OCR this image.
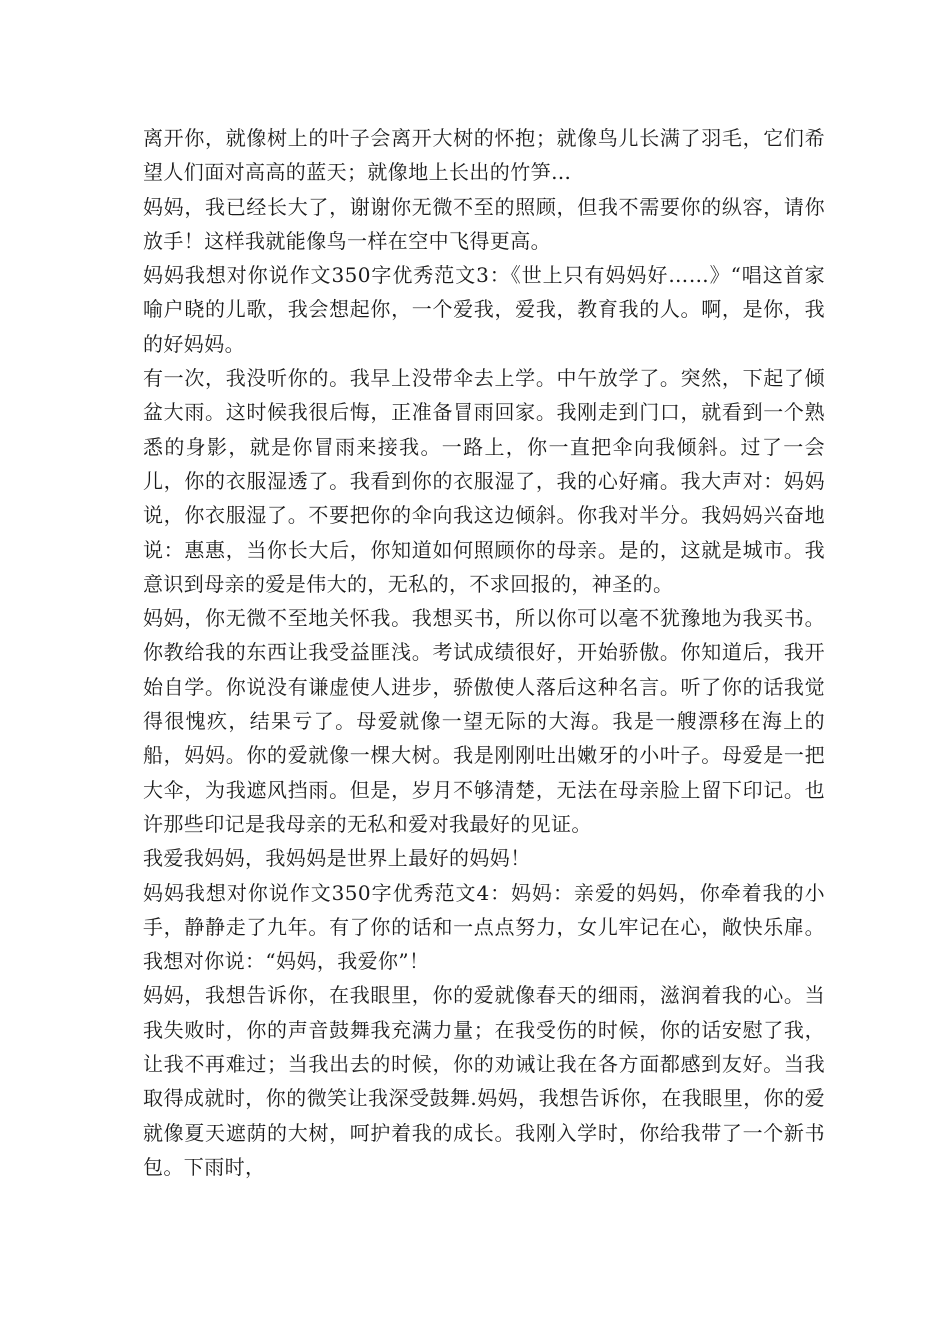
离开你，就像树上的叶子会离开大树的怀抱；就像鸟儿长满了羽毛，它们希望人们面对高高的蓝天；就像地上长出的竹笋…

妈妈，我已经长大了，谢谢你无微不至的照顾，但我不需要你的纵容，请你放手！这样我就能像鸟一样在空中飞得更高。

妈妈我想对你说作文350字优秀范文3：《世上只有妈妈好……》“唱这首家喻户晓的儿歌，我会想起你，一个爱我，爱我，教育我的人。啊，是你，我的好妈妈。

有一次，我没听你的。我早上没带伞去上学。中午放学了。突然，下起了倾盆大雨。这时候我很后悔，正准备冒雨回家。我刚走到门口，就看到一个熟悉的身影，就是你冒雨来接我。一路上，你一直把伞向我倾斜。过了一会儿，你的衣服湿透了。我看到你的衣服湿了，我的心好痛。我大声对：妈妈说，你衣服湿了。不要把你的伞向我这边倾斜。你我对半分。我妈妈兴奋地说：惠惠，当你长大后，你知道如何照顾你的母亲。是的，这就是城市。我意识到母亲的爱是伟大的，无私的，不求回报的，神圣的。

妈妈，你无微不至地关怀我。我想买书，所以你可以毫不犹豫地为我买书。你教给我的东西让我受益匪浅。考试成绩很好，开始骄傲。你知道后，我开始自学。你说没有谦虚使人进步，骄傲使人落后这种名言。听了你的话我觉得很愧疚，结果亏了。母爱就像一望无际的大海。我是一艘漂移在海上的船，妈妈。你的爱就像一棵大树。我是刚刚吐出嫩牙的小叶子。母爱是一把大伞，为我遮风挡雨。但是，岁月不够清楚，无法在母亲脸上留下印记。也许那些印记是我母亲的无私和爱对我最好的见证。

我爱我妈妈，我妈妈是世界上最好的妈妈！

妈妈我想对你说作文350字优秀范文4：妈妈：亲爱的妈妈，你牵着我的小手，静静走了九年。有了你的话和一点点努力，女儿牢记在心，敞快乐扉。我想对你说：“妈妈，我爱你”！

妈妈，我想告诉你，在我眼里，你的爱就像春天的细雨，滋润着我的心。当我失败时，你的声音鼓舞我充满力量；在我受伤的时候，你的话安慰了我，让我不再难过；当我出去的时候，你的劝诫让我在各方面都感到友好。当我取得成就时，你的微笑让我深受鼓舞.妈妈，我想告诉你，在我眼里，你的爱就像夏天遮荫的大树，呵护着我的成长。我刚入学时，你给我带了一个新书包。下雨时，
